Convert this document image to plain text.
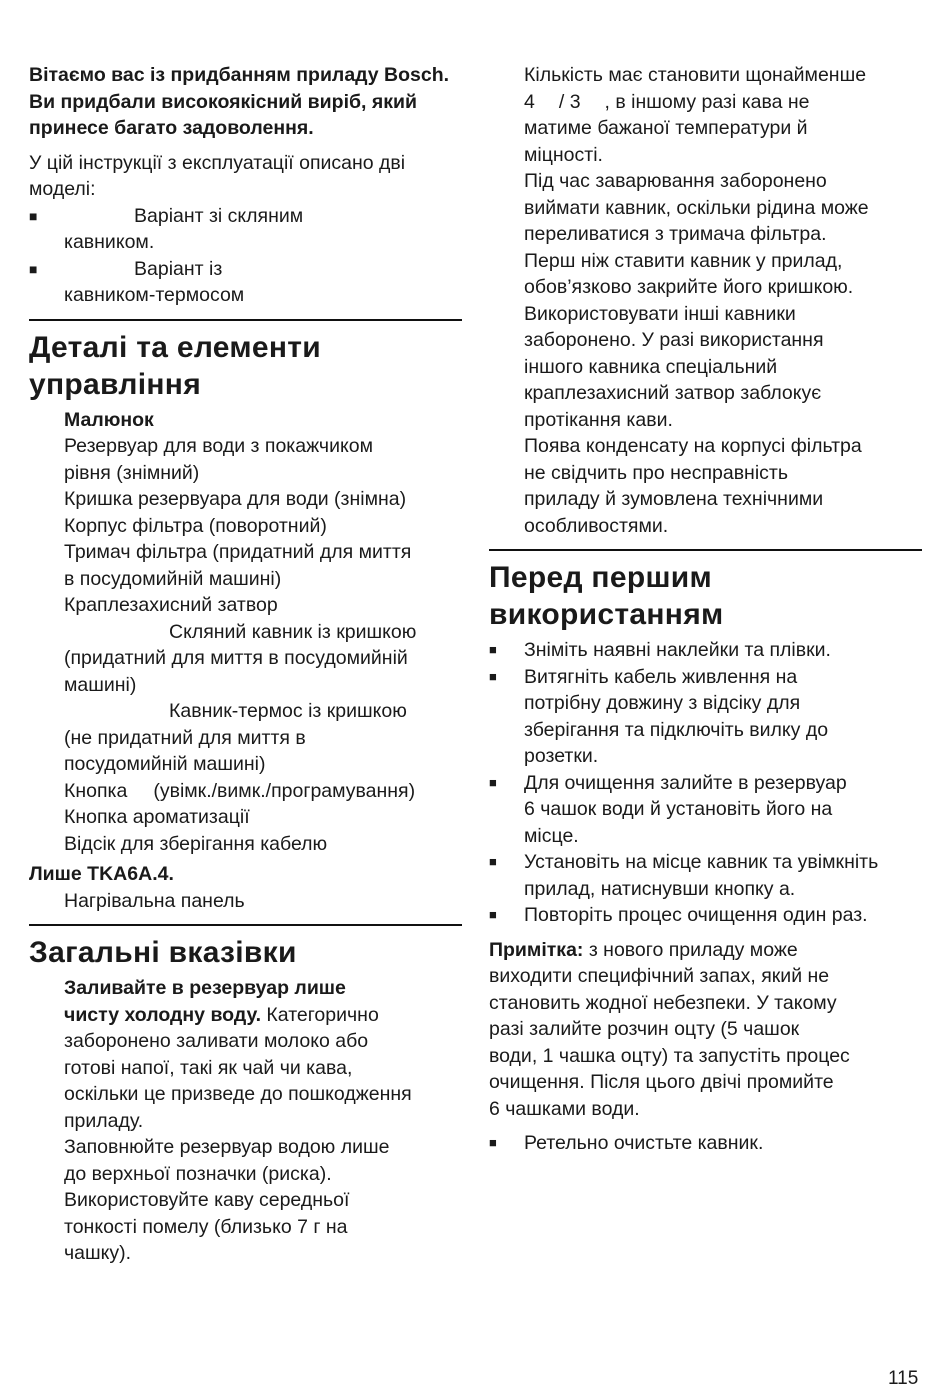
Вітаємо вас із придбанням приладу Bosch. Ви придбали високоякісний виріб, який принесе багато задоволення.

У цій інструкції з експлуатації описано дві моделі:

■	Варіант зі скляним
кавником.
■	Варіант із
кавником-термосом
Деталі та елементи
управління
Малюнок
Резервуар для води з покажчиком
рівня (знімний)
Кришка резервуара для води (знімна)
Корпус фільтра (поворотний)
Тримач фільтра (придатний для миття
в посудомийній машині)
Краплезахисний затвор
Скляний кавник із кришкою
(придатний для миття в посудомийній
машині)
Кавник-термос із кришкою
(не придатний для миття в
посудомийній машині)
Кнопка (увімк./вимк./програмування)
Кнопка ароматизації
Відсік для зберігання кабелю
Лише TKA6A.4.
Нагрівальна панель
Загальні вказівки
Заливайте в резервуар лише
чисту холодну воду. Категорично
заборонено заливати молоко або
готові напої, такі як чай чи кава,
оскільки це призведе до пошкодження
приладу.
Заповнюйте резервуар водою лише
до верхньої позначки (риска).
Використовуйте каву середньої
тонкості помелу (близько 7 г на
чашку).
Кількість має становити щонайменше
4 / 3 , в іншому разі кава не
матиме бажаної температури й
міцності.
Під час заварювання заборонено
виймати кавник, оскільки рідина може
переливатися з тримача фільтра.
Перш ніж ставити кавник у прилад,
обов’язково закрийте його кришкою.
Використовувати інші кавники
заборонено. У разі використання
іншого кавника спеціальний
краплезахисний затвор заблокує
протікання кави.
Поява конденсату на корпусі фільтра
не свідчить про несправність
приладу й зумовлена технічними
особливостями.
Перед першим
використанням
■	Зніміть наявні наклейки та плівки.
■	Витягніть кабель живлення на
потрібну довжину з відсіку для
зберігання та підключіть вилку до
розетки.
■	Для очищення залийте в резервуар
6 чашок води й установіть його на
місце.
■	Установіть на місце кавник та увімкніть
прилад, натиснувши кнопку a.
■	Повторіть процес очищення один раз.
Примітка: з нового приладу може
виходити специфічний запах, який не
становить жодної небезпеки. У такому
разі залийте розчин оцту (5 чашок
води, 1 чашка оцту) та запустіть процес
очищення. Після цього двічі промийте
6 чашками води.
■	Ретельно очистьте кавник.
115
